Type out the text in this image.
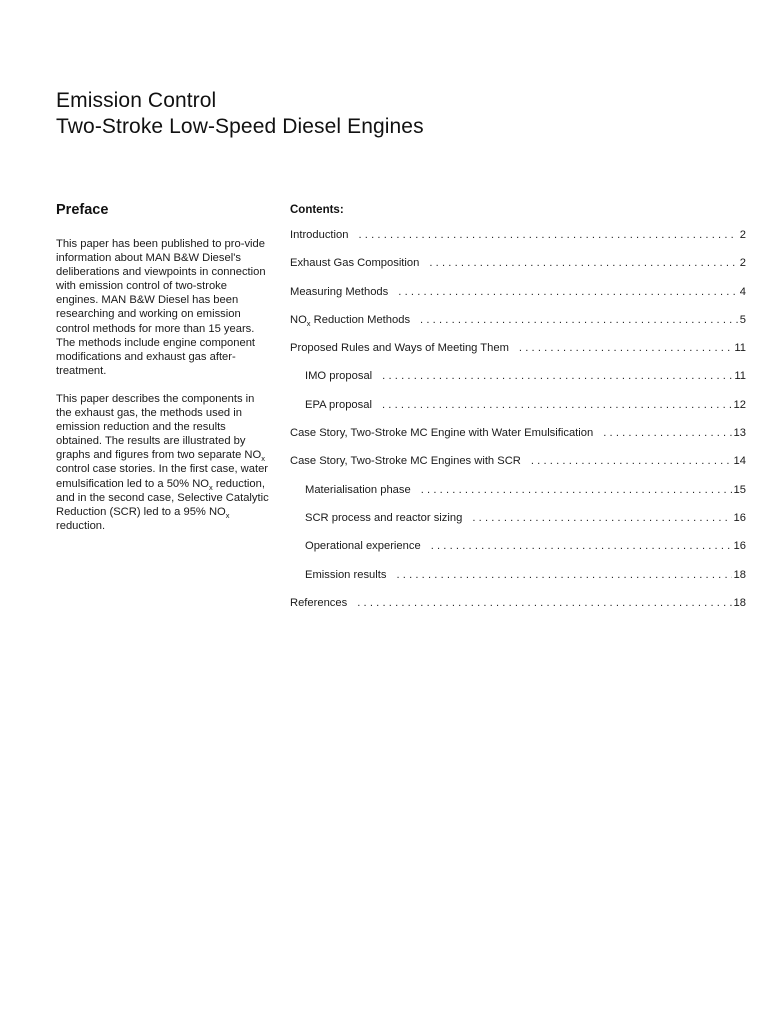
Emission Control
Two-Stroke Low-Speed Diesel Engines
Preface

This paper has been published to pro-vide information about MAN B&W Diesel's deliberations and viewpoints in connection with emission control of two-stroke engines. MAN B&W Diesel has been researching and working on emission control methods for more than 15 years. The methods include engine component modifications and exhaust gas after-treatment.

This paper describes the components in the exhaust gas, the methods used in emission reduction and the results obtained. The results are illustrated by graphs and figures from two separate $NO_x$ control case stories. In the first case, water emulsification led to a 50% $NO_x$ reduction, and in the second case, Selective Catalytic Reduction (SCR) led to a 95% $NO_x$ reduction.

Contents:
Introduction .....	2
Exhaust Gas Composition .....	2
Measuring Methods .....	4
$NO_x$ Reduction Methods .....	5
Proposed Rules and Ways of Meeting Them .....	11
IMO proposal .....	11
EPA proposal .....	12
Case Story, Two-Stroke MC Engine with Water Emulsification .....	13
Case Story, Two-Stroke MC Engines with SCR .....	14
Materialisation phase .....	15
SCR process and reactor sizing .....	16
Operational experience .....	16
Emission results .....	18
References .....	18
